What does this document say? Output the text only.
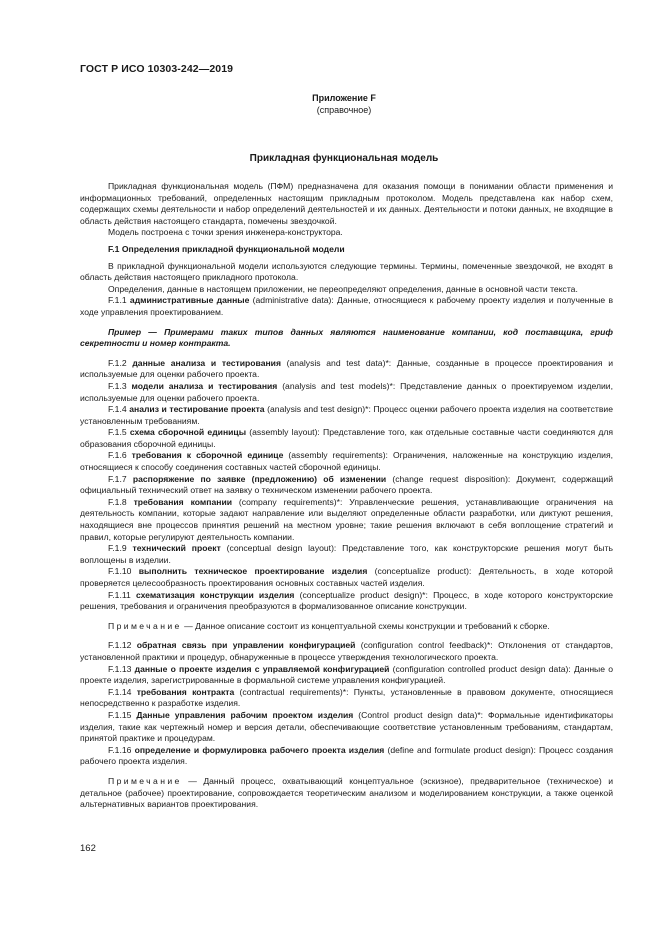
ГОСТ Р ИСО 10303-242—2019
Приложение F
(справочное)
Прикладная функциональная модель

Прикладная функциональная модель (ПФМ) предназначена для оказания помощи в понимании области применения и информационных требований, определенных настоящим прикладным протоколом. Модель представлена как набор схем, содержащих схемы деятельности и набор определений деятельностей и их данных. Деятельности и потоки данных, не входящие в область действия настоящего стандарта, помечены звездочкой.

Модель построена с точки зрения инженера-конструктора.

F.1 Определения прикладной функциональной модели

В прикладной функциональной модели используются следующие термины. Термины, помеченные звездочкой, не входят в область действия настоящего прикладного протокола.

Определения, данные в настоящем приложении, не переопределяют определения, данные в основной части текста.

F.1.1 административные данные (administrative data): Данные, относящиеся к рабочему проекту изделия и полученные в ходе управления проектированием.

Пример — Примерами таких типов данных являются наименование компании, код поставщика, гриф секретности и номер контракта.

F.1.2 данные анализа и тестирования (analysis and test data)*: Данные, созданные в процессе проектирования и используемые для оценки рабочего проекта.

F.1.3 модели анализа и тестирования (analysis and test models)*: Представление данных о проектируемом изделии, используемые для оценки рабочего проекта.

F.1.4 анализ и тестирование проекта (analysis and test design)*: Процесс оценки рабочего проекта изделия на соответствие установленным требованиям.

F.1.5 схема сборочной единицы (assembly layout): Представление того, как отдельные составные части соединяются для образования сборочной единицы.

F.1.6 требования к сборочной единице (assembly requirements): Ограничения, наложенные на конструкцию изделия, относящиеся к способу соединения составных частей сборочной единицы.

F.1.7 распоряжение по заявке (предложению) об изменении (change request disposition): Документ, содержащий официальный технический ответ на заявку о техническом изменении рабочего проекта.

F.1.8 требования компании (company requirements)*: Управленческие решения, устанавливающие ограничения на деятельность компании, которые задают направление или выделяют определенные области разработки, или диктуют решения, находящиеся вне процессов принятия решений на местном уровне; такие решения включают в себя воплощение стратегий и правил, которые регулируют деятельность компании.

F.1.9 технический проект (conceptual design layout): Представление того, как конструкторские решения могут быть воплощены в изделии.

F.1.10 выполнить техническое проектирование изделия (conceptualize product): Деятельность, в ходе которой проверяется целесообразность проектирования основных составных частей изделия.

F.1.11 схематизация конструкции изделия (conceptualize product design)*: Процесс, в ходе которого конструкторские решения, требования и ограничения преобразуются в формализованное описание конструкции.

Примечание — Данное описание состоит из концептуальной схемы конструкции и требований к сборке.

F.1.12 обратная связь при управлении конфигурацией (configuration control feedback)*: Отклонения от стандартов, установленной практики и процедур, обнаруженные в процессе утверждения технологического проекта.

F.1.13 данные о проекте изделия с управляемой конфигурацией (configuration controlled product design data): Данные о проекте изделия, зарегистрированные в формальной системе управления конфигурацией.

F.1.14 требования контракта (contractual requirements)*: Пункты, установленные в правовом документе, относящиеся непосредственно к разработке изделия.

F.1.15 Данные управления рабочим проектом изделия (Control product design data)*: Формальные идентификаторы изделия, такие как чертежный номер и версия детали, обеспечивающие соответствие установленным требованиям, стандартам, принятой практике и процедурам.

F.1.16 определение и формулировка рабочего проекта изделия (define and formulate product design): Процесс создания рабочего проекта изделия.

Примечание — Данный процесс, охватывающий концептуальное (эскизное), предварительное (техническое) и детальное (рабочее) проектирование, сопровождается теоретическим анализом и моделированием конструкции, а также оценкой альтернативных вариантов проектирования.

162
